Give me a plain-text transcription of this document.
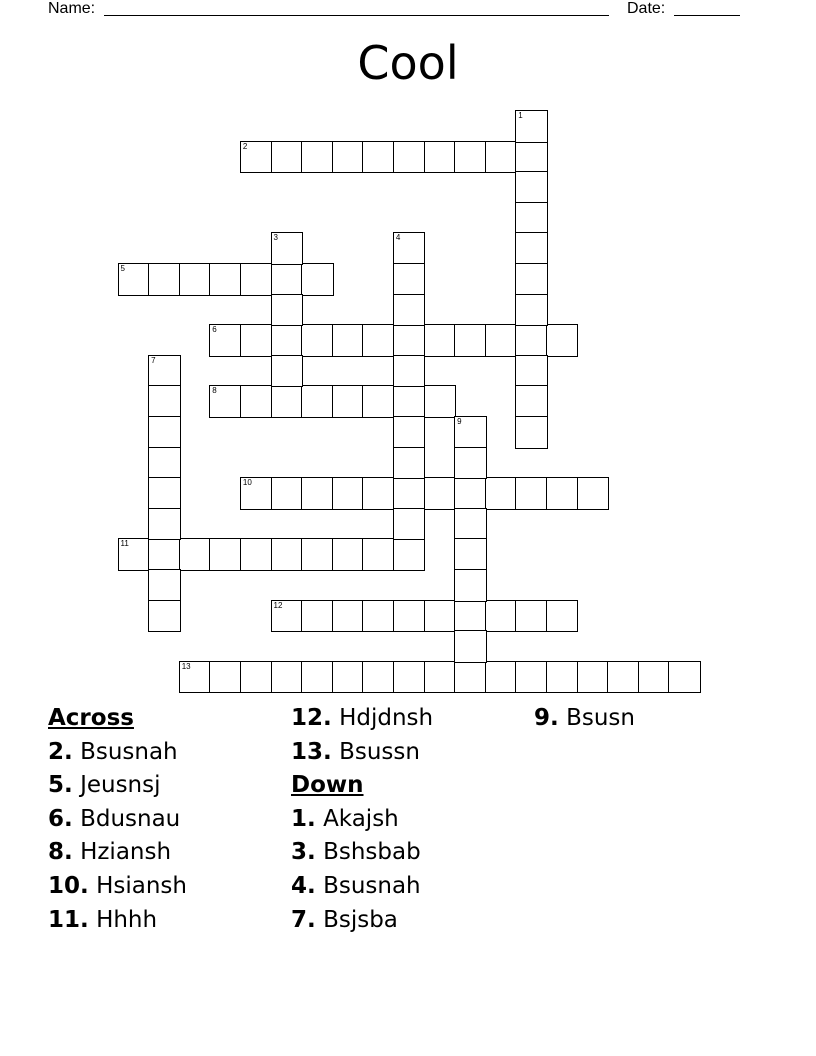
Name:	Date:
Cool
2
5
6
8
10
11
12
13
1
3	4
7
9
Across
2. Bsusnah
5. Jeusnsj
6. Bdusnau
8. Hziansh
10. Hsiansh
11. Hhhh
12. Hdjdnsh
13. Bsussn
Down
1. Akajsh
3. Bshsbab
4. Bsusnah
7. Bsjsba
9. Bsusn
